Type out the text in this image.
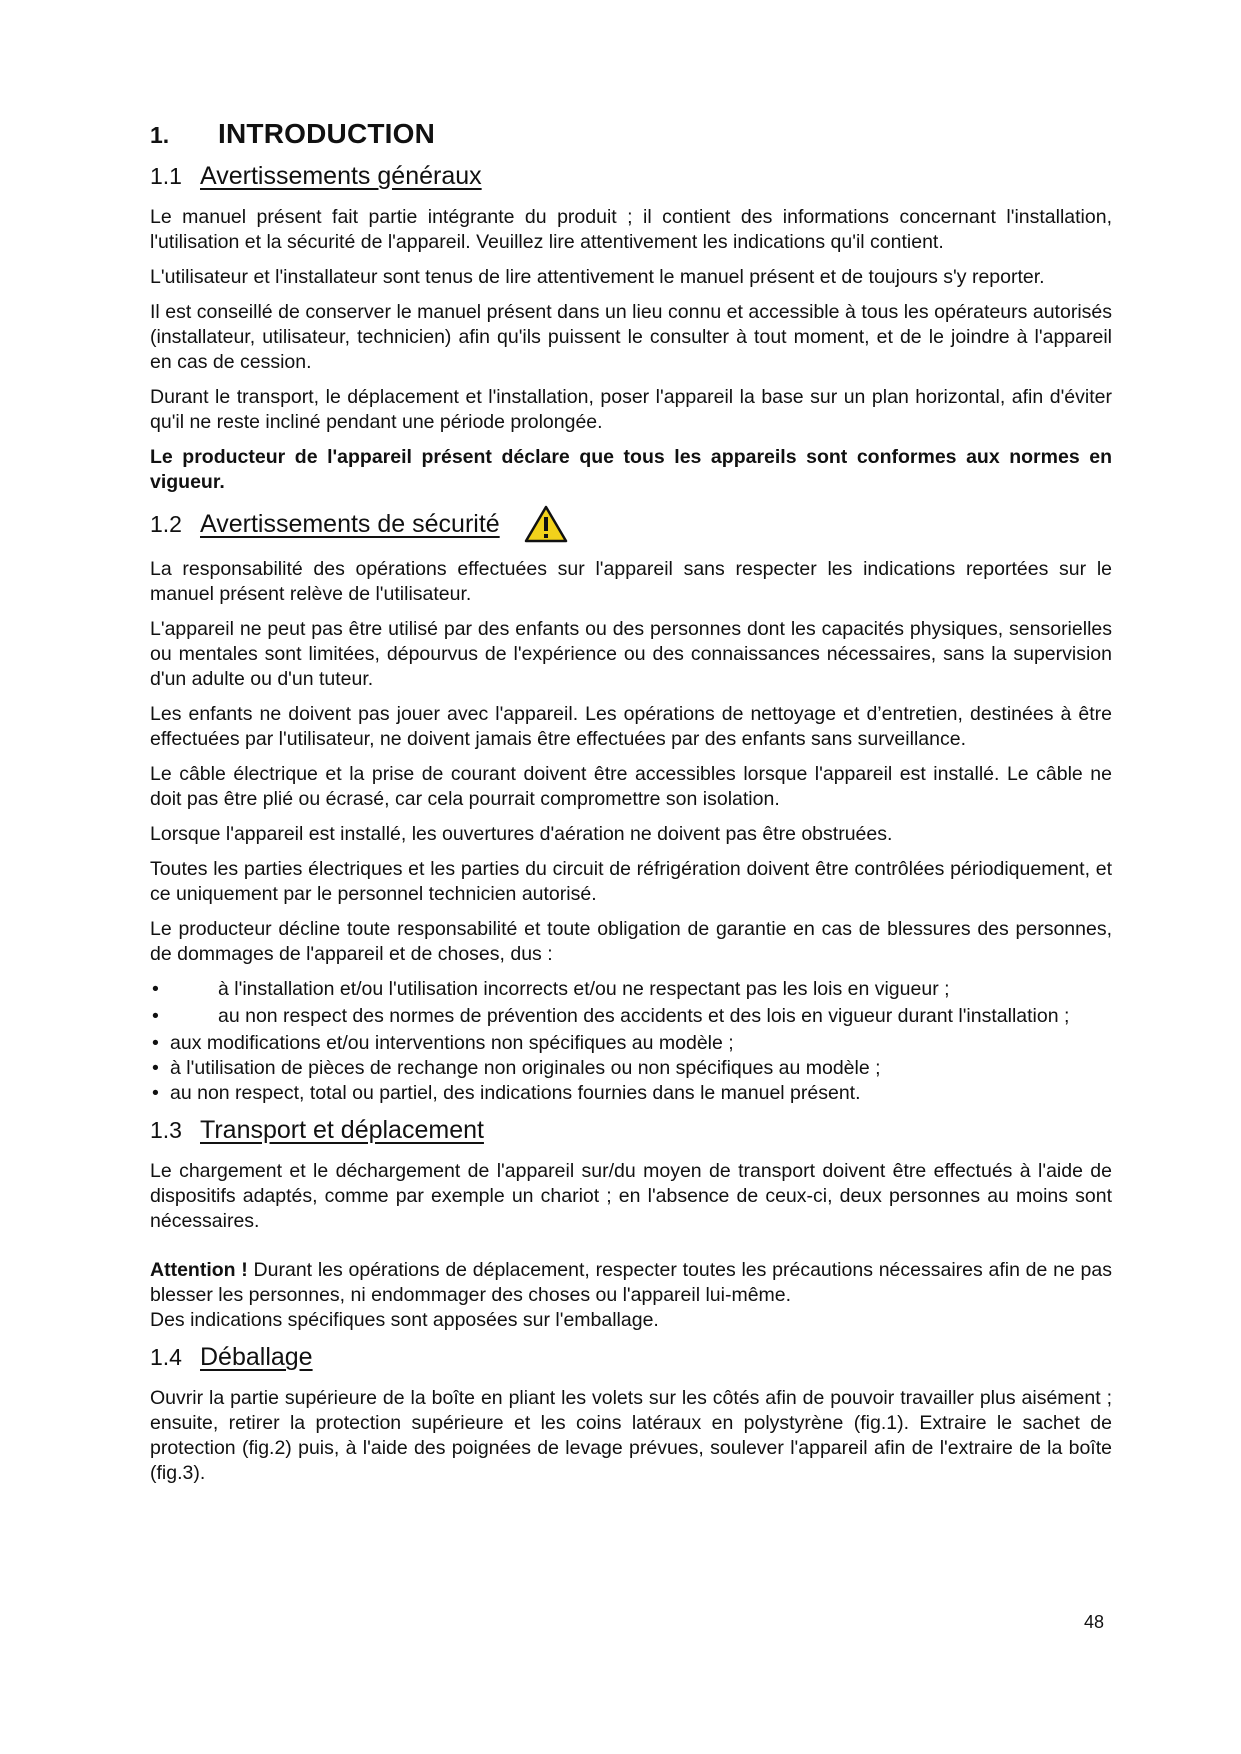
1.	INTRODUCTION
1.1 Avertissements généraux

Le manuel présent fait partie intégrante du produit ; il contient des informations concernant l'installation, l'utilisation et la sécurité de l'appareil. Veuillez lire attentivement les indications qu'il contient.

L'utilisateur et l'installateur sont tenus de lire attentivement le manuel présent et de toujours s'y reporter.

Il est conseillé de conserver le manuel présent dans un lieu connu et accessible à tous les opérateurs autorisés (installateur, utilisateur, technicien) afin qu'ils puissent le consulter à tout moment, et de le joindre à l'appareil en cas de cession.

Durant le transport, le déplacement et l'installation, poser l'appareil la base sur un plan horizontal, afin d'éviter qu'il ne reste incliné pendant une période prolongée.

Le producteur de l'appareil présent déclare que tous les appareils sont conformes aux normes en vigueur.

1.2 Avertissements de sécurité

La responsabilité des opérations effectuées sur l'appareil sans respecter les indications reportées sur le manuel présent relève de l'utilisateur.

L'appareil ne peut pas être utilisé par des enfants ou des personnes dont les capacités physiques, sensorielles ou mentales sont limitées, dépourvus de l'expérience ou des connaissances nécessaires, sans la supervision d'un adulte ou d'un tuteur.

Les enfants ne doivent pas jouer avec l'appareil. Les opérations de nettoyage et d’entretien, destinées à être effectuées par l'utilisateur, ne doivent jamais être effectuées par des enfants sans surveillance.

Le câble électrique et la prise de courant doivent être accessibles lorsque l'appareil est installé. Le câble ne doit pas être plié ou écrasé, car cela pourrait compromettre son isolation.

Lorsque l'appareil est installé, les ouvertures d'aération ne doivent pas être obstruées.

Toutes les parties électriques et les parties du circuit de réfrigération doivent être contrôlées périodiquement, et ce uniquement par le personnel technicien autorisé.

Le producteur décline toute responsabilité et toute obligation de garantie en cas de blessures des personnes, de dommages de l'appareil et de choses, dus :

• à l'installation et/ou l'utilisation incorrects et/ou ne respectant pas les lois en vigueur ;
• au non respect des normes de prévention des accidents et des lois en vigueur durant l'installation ;
• aux modifications et/ou interventions non spécifiques au modèle ;
• à l'utilisation de pièces de rechange non originales ou non spécifiques au modèle ;
• au non respect, total ou partiel, des indications fournies dans le manuel présent.
1.3 Transport et déplacement

Le chargement et le déchargement de l'appareil sur/du moyen de transport doivent être effectués à l'aide de dispositifs adaptés, comme par exemple un chariot ; en l'absence de ceux-ci, deux personnes au moins sont nécessaires.

Attention ! Durant les opérations de déplacement, respecter toutes les précautions nécessaires afin de ne pas blesser les personnes, ni endommager des choses ou l'appareil lui-même.

Des indications spécifiques sont apposées sur l'emballage.

1.4 Déballage

Ouvrir la partie supérieure de la boîte en pliant les volets sur les côtés afin de pouvoir travailler plus aisément ; ensuite, retirer la protection supérieure et les coins latéraux en polystyrène (fig.1). Extraire le sachet de protection (fig.2) puis, à l'aide des poignées de levage prévues, soulever l'appareil afin de l'extraire de la boîte (fig.3).

48
